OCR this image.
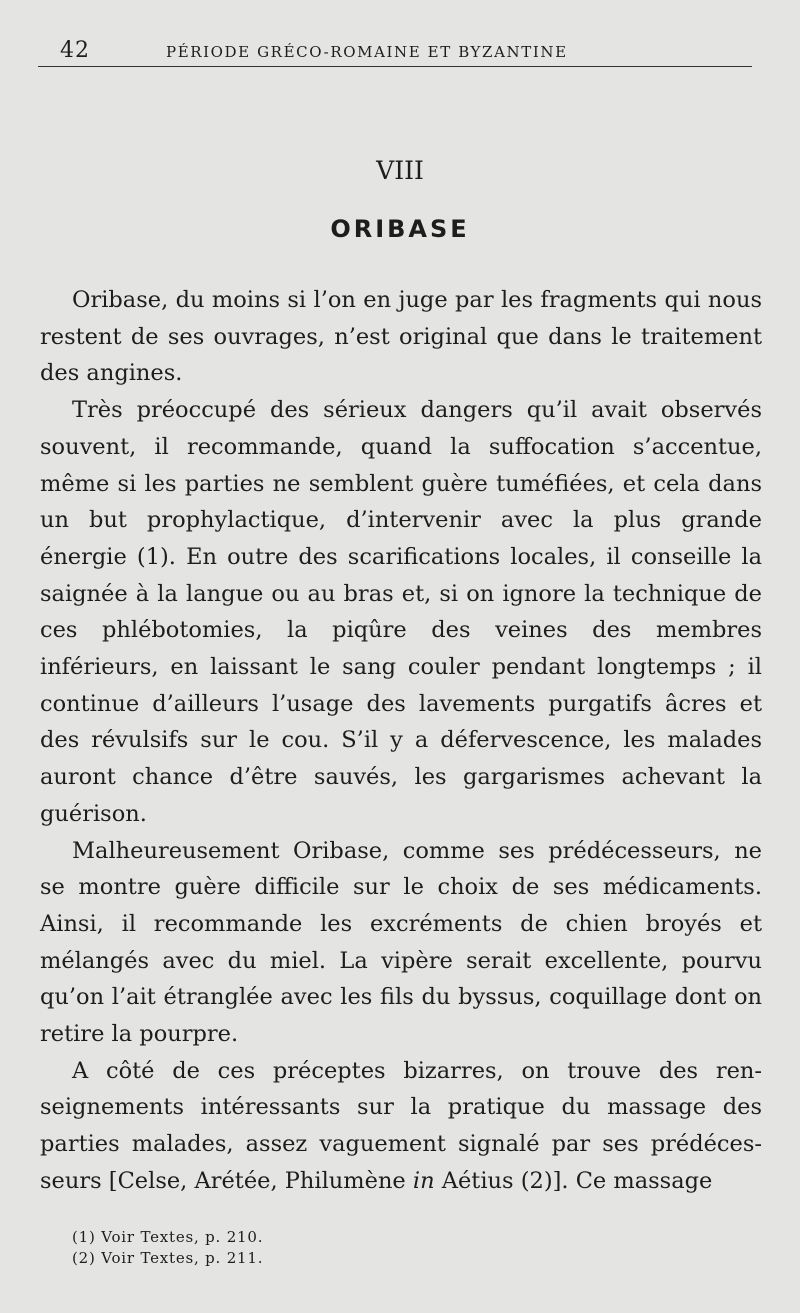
42	PÉRIODE GRÉCO-ROMAINE ET BYZANTINE
VIII
ORIBASE

Oribase, du moins si l’on en juge par les fragments qui nous restent de ses ouvrages, n’est original que dans le traitement des angines.

Très préoccupé des sérieux dangers qu’il avait observés souvent, il recommande, quand la suffocation s’accentue, même si les parties ne semblent guère tuméfiées, et cela dans un but prophylactique, d’intervenir avec la plus grande énergie (1). En outre des scarifications locales, il conseille la saignée à la langue ou au bras et, si on ignore la technique de ces phlébotomies, la piqûre des veines des membres inférieurs, en laissant le sang couler pendant longtemps ; il continue d’ailleurs l’usage des lavements purgatifs âcres et des révulsifs sur le cou. S’il y a défervescence, les malades auront chance d’être sauvés, les gargarismes achevant la guérison.

Malheureusement Oribase, comme ses prédécesseurs, ne se montre guère difficile sur le choix de ses médicaments. Ainsi, il recommande les excréments de chien broyés et mélangés avec du miel. La vipère serait excellente, pourvu qu’on l’ait étranglée avec les fils du byssus, coquillage dont on retire la pourpre.

A côté de ces préceptes bizarres, on trouve des renseignements intéressants sur la pratique du massage des parties malades, assez vaguement signalé par ses prédécesseurs [Celse, Arétée, Philumène in Aétius (2)]. Ce massage

(1) Voir Textes, p. 210.

(2) Voir Textes, p. 211.
